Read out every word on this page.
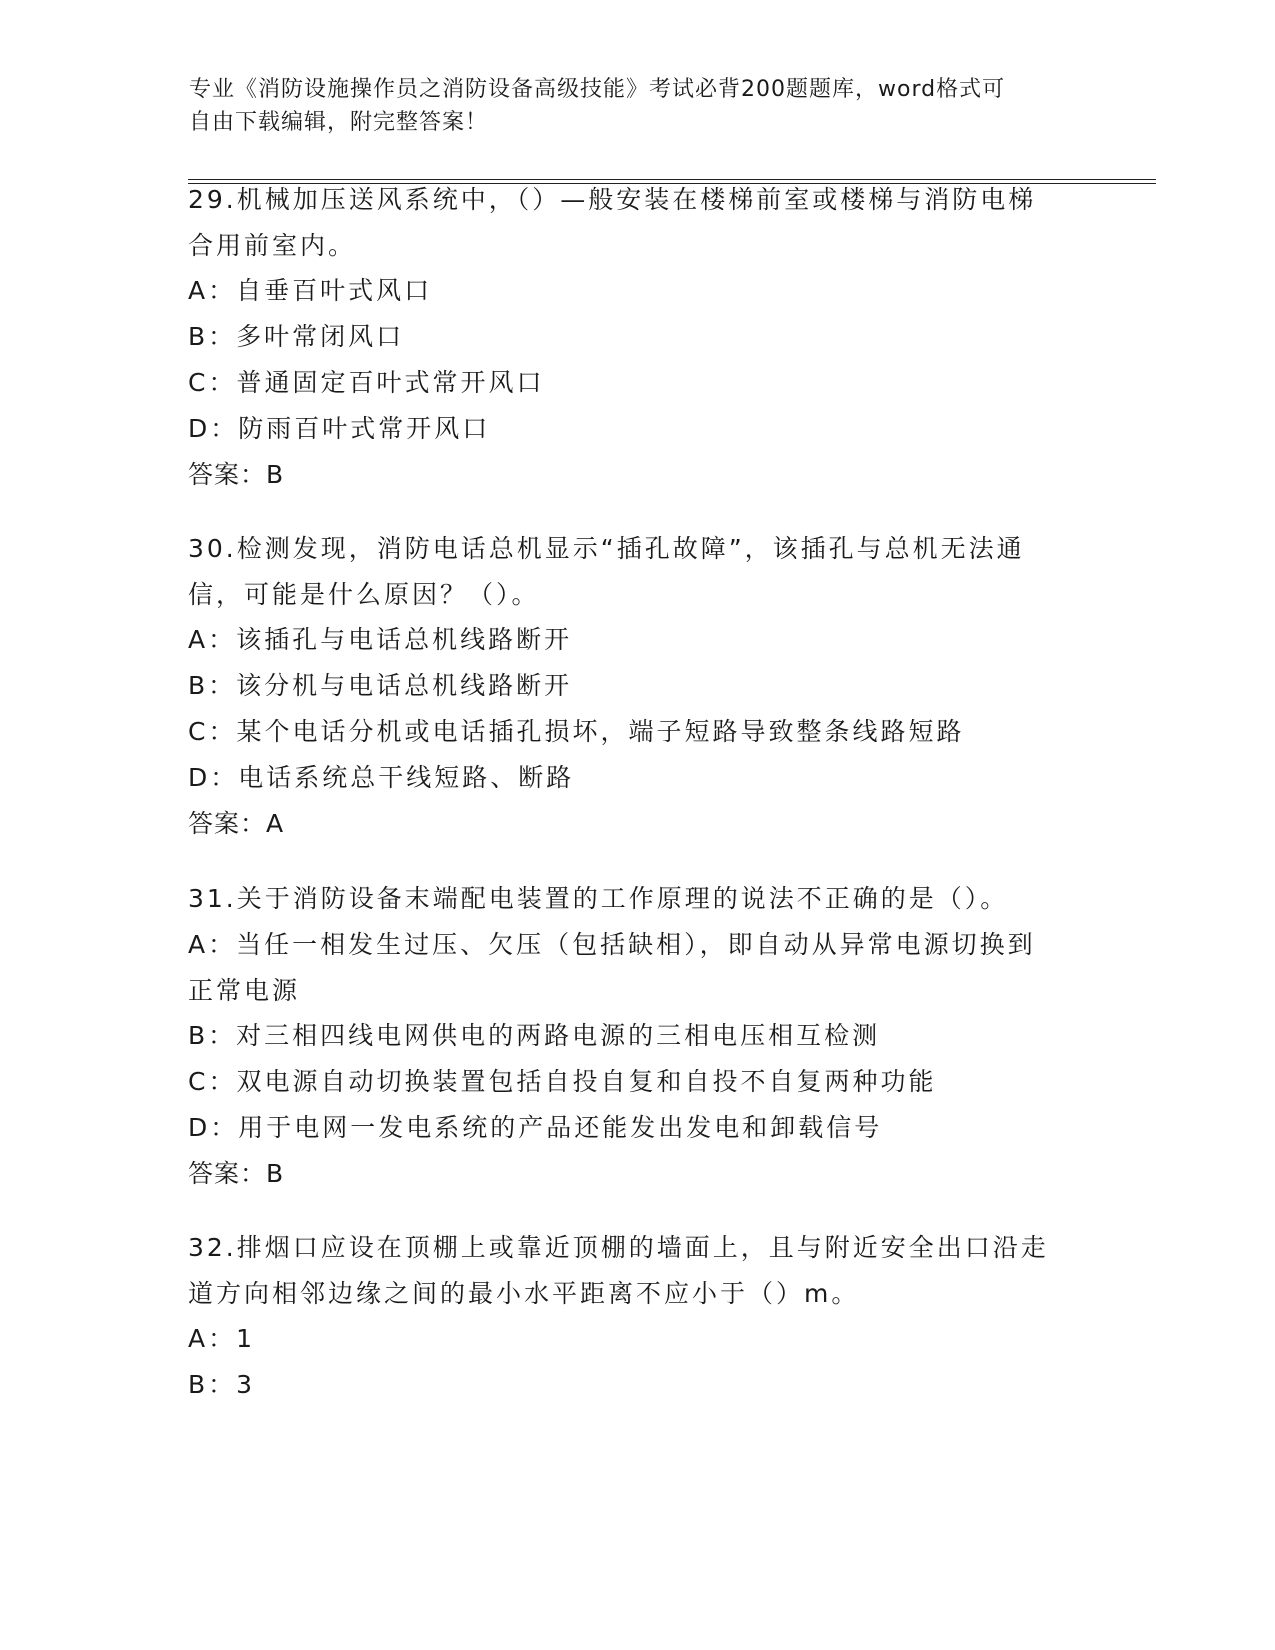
专业《消防设施操作员之消防设备高级技能》考试必背200题题库，word格式可
自由下载编辑，附完整答案！
29.机械加压送风系统中，（）—般安装在楼梯前室或楼梯与消防电梯
合用前室内。
A：自垂百叶式风口
B：多叶常闭风口
C：普通固定百叶式常开风口
D：防雨百叶式常开风口
答案：B
30.检测发现，消防电话总机显示“插孔故障”，该插孔与总机无法通
信，可能是什么原因？（）。
A：该插孔与电话总机线路断开
B：该分机与电话总机线路断开
C：某个电话分机或电话插孔损坏，端子短路导致整条线路短路
D：电话系统总干线短路、断路
答案：A
31.关于消防设备末端配电装置的工作原理的说法不正确的是（）。
A：当任一相发生过压、欠压（包括缺相），即自动从异常电源切换到
正常电源
B：对三相四线电网供电的两路电源的三相电压相互检测
C：双电源自动切换装置包括自投自复和自投不自复两种功能
D：用于电网一发电系统的产品还能发出发电和卸载信号
答案：B
32.排烟口应设在顶棚上或靠近顶棚的墙面上，且与附近安全出口沿走
道方向相邻边缘之间的最小水平距离不应小于（）m。
A：1
B：3
